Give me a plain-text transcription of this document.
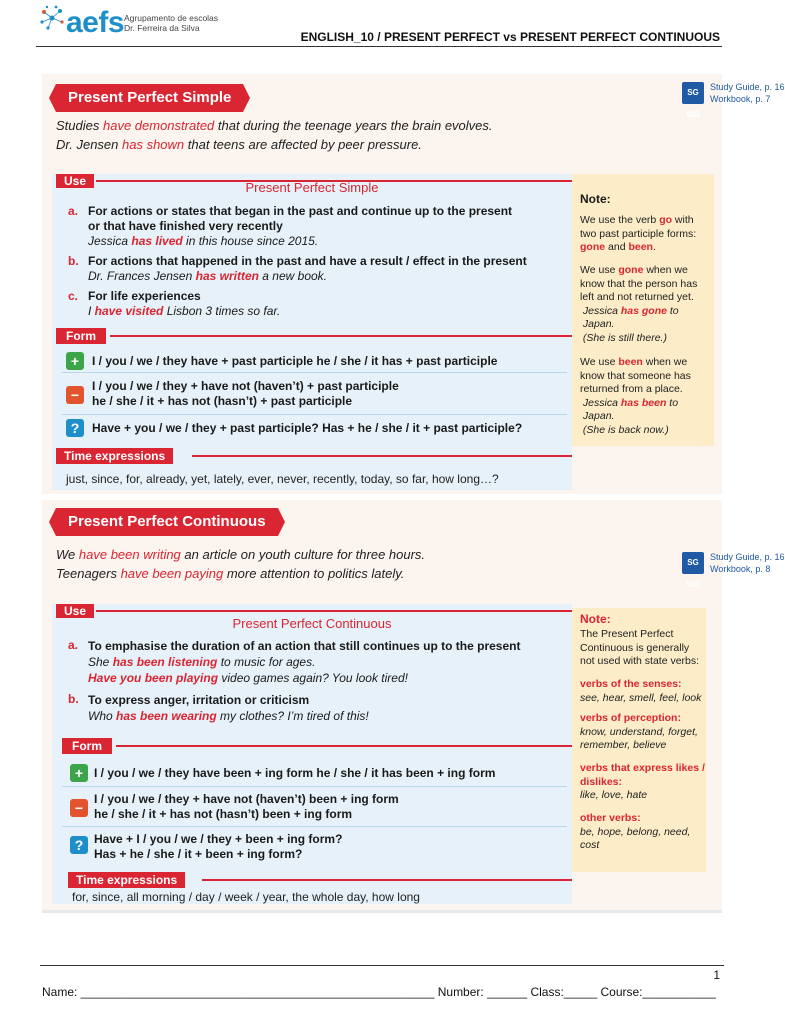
aefs Agrupamento de escolas
Dr. Ferreira da Silva
ENGLISH_10 / PRESENT PERFECT vs PRESENT PERFECT CONTINUOUS
Present Perfect Simple	SG WB
Study Guide, p. 16
Workbook, p. 7

Studies have demonstrated that during the teenage years the brain evolves.

Dr. Jensen has shown that teens are affected by peer pressure.

Use	Present Perfect Simple
a. For actions or states that began in the past and continue up to the present
or that have finished very recently
Jessica has lived in this house since 2015.
b. For actions that happened in the past and have a result / effect in the present
Dr. Frances Jensen has written a new book.
c. For life experiences
I have visited Lisbon 3 times so far.
Form
+	I / you / we / they have + past participle he / she / it has + past participle
−
I / you / we / they + have not (haven’t) + past participle
he / she / it + has not (hasn’t) + past participle
?	Have + you / we / they + past participle? Has + he / she / it + past participle?
Time expressions
just, since, for, already, yet, lately, ever, never, recently, today, so far, how long…?
Note:
We use the verb go with
two past participle forms:
gone and been.
We use gone when we
know that the person has
left and not returned yet.
Jessica has gone to
Japan.
(She is still there.)
We use been when we
know that someone has
returned from a place.
Jessica has been to
Japan.
(She is back now.)
Present Perfect Continuous
SG WB
Study Guide, p. 16
Workbook, p. 8

We have been writing an article on youth culture for three hours.

Teenagers have been paying more attention to politics lately.

Use
Present Perfect Continuous
a. To emphasise the duration of an action that still continues up to the present
She has been listening to music for ages.
Have you been playing video games again? You look tired!
b. To express anger, irritation or criticism
Who has been wearing my clothes? I’m tired of this!
Form
+ I / you / we / they have been + ing form he / she / it has been + ing form
−
I / you / we / they + have not (haven’t) been + ing form
he / she / it + has not (hasn’t) been + ing form
? Have + I / you / we / they + been + ing form?
Has + he / she / it + been + ing form?
Time expressions
for, since, all morning / day / week / year, the whole day, how long
Note:
The Present Perfect
Continuous is generally
not used with state verbs:
verbs of the senses:
see, hear, smell, feel, look
verbs of perception:
know, understand, forget,
remember, believe
verbs that express likes /
dislikes:
like, love, hate
other verbs:
be, hope, belong, need,
cost
1
Name: _____________________________________________________ Number: ______ Class:_____ Course:___________
